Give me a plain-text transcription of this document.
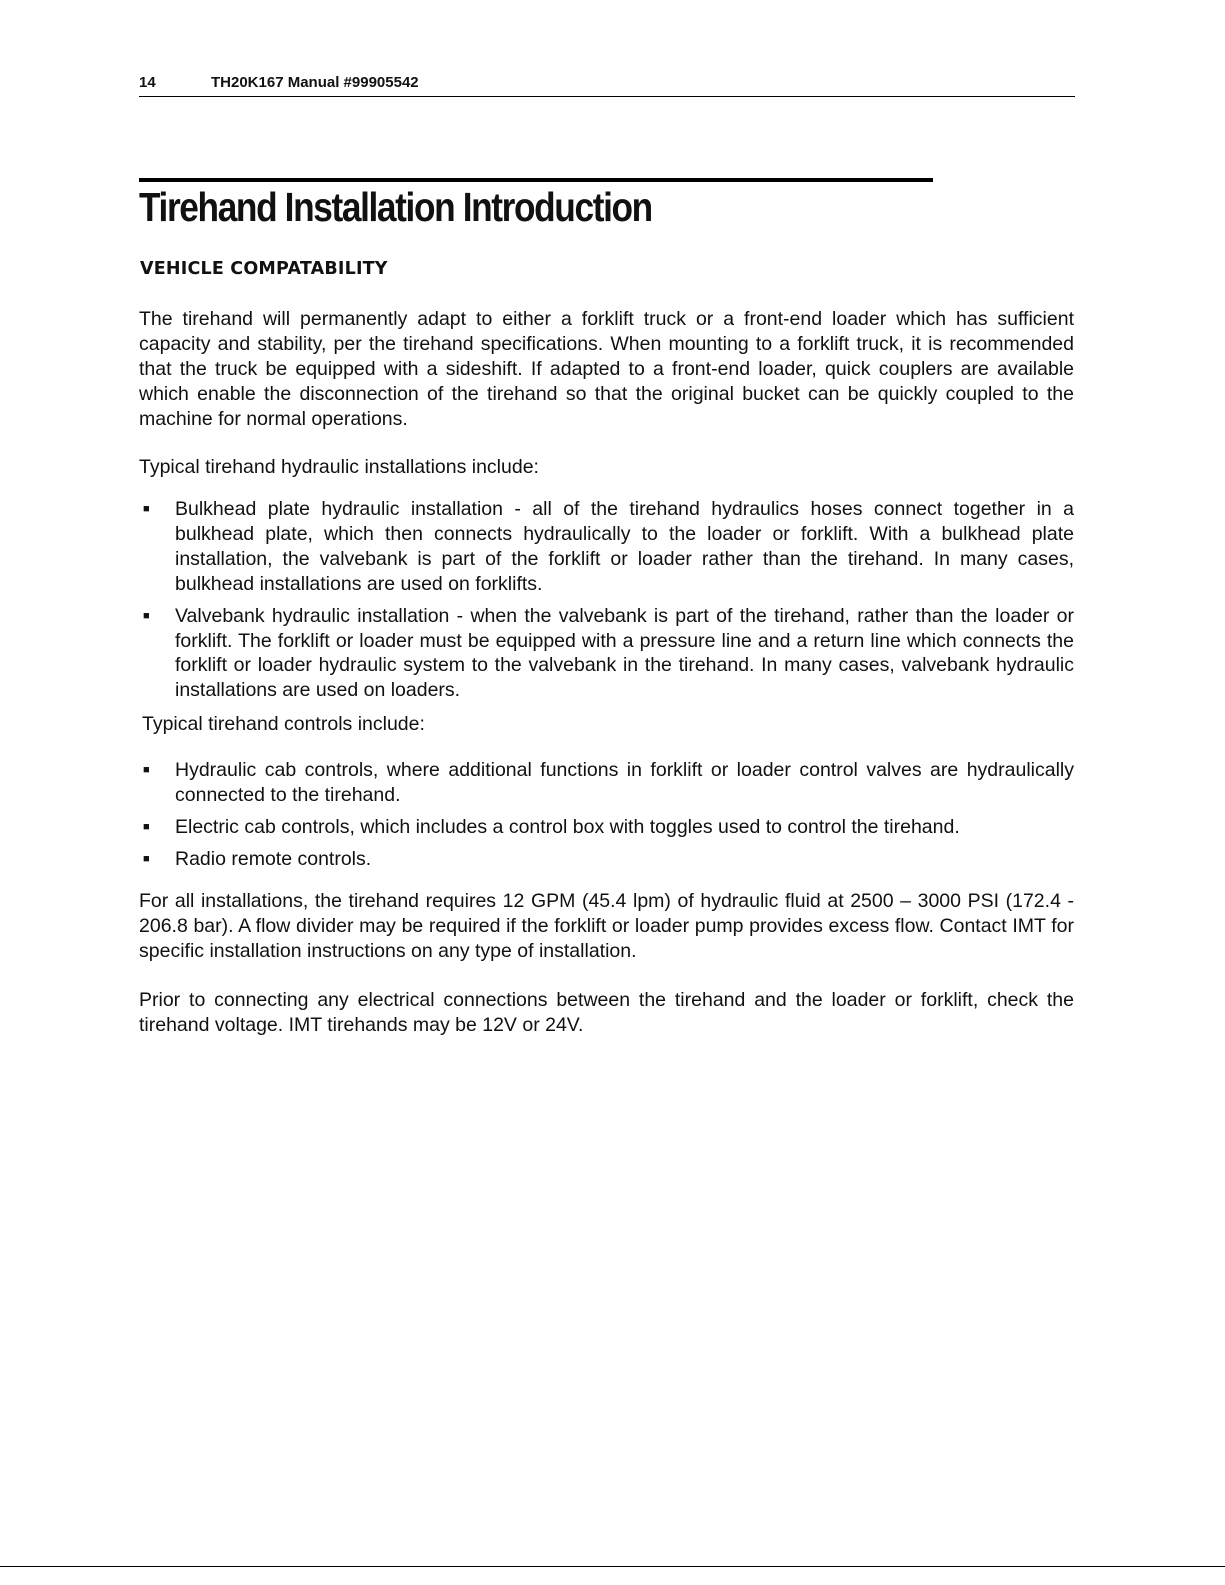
14	TH20K167 Manual #99905542
Tirehand Installation Introduction
VEHICLE COMPATABILITY

The tirehand will permanently adapt to either a forklift truck or a front-end loader which has sufficient capacity and stability, per the tirehand specifications. When mounting to a forklift truck, it is recommended that the truck be equipped with a sideshift. If adapted to a front-end loader, quick couplers are available which enable the disconnection of the tirehand so that the original bucket can be quickly coupled to the machine for normal operations.

Typical tirehand hydraulic installations include:

■ Bulkhead plate hydraulic installation - all of the tirehand hydraulics hoses connect together in a bulkhead plate, which then connects hydraulically to the loader or forklift. With a bulkhead plate installation, the valvebank is part of the forklift or loader rather than the tirehand. In many cases, bulkhead installations are used on forklifts.
■ Valvebank hydraulic installation - when the valvebank is part of the tirehand, rather than the loader or forklift. The forklift or loader must be equipped with a pressure line and a return line which connects the forklift or loader hydraulic system to the valvebank in the tirehand. In many cases, valvebank hydraulic installations are used on loaders.

Typical tirehand controls include:

■ Hydraulic cab controls, where additional functions in forklift or loader control valves are hydraulically connected to the tirehand.
■ Electric cab controls, which includes a control box with toggles used to control the tirehand.
■ Radio remote controls.

For all installations, the tirehand requires 12 GPM (45.4 lpm) of hydraulic fluid at 2500 – 3000 PSI (172.4 - 206.8 bar). A flow divider may be required if the forklift or loader pump provides excess flow. Contact IMT for specific installation instructions on any type of installation.

Prior to connecting any electrical connections between the tirehand and the loader or forklift, check the tirehand voltage. IMT tirehands may be 12V or 24V.
